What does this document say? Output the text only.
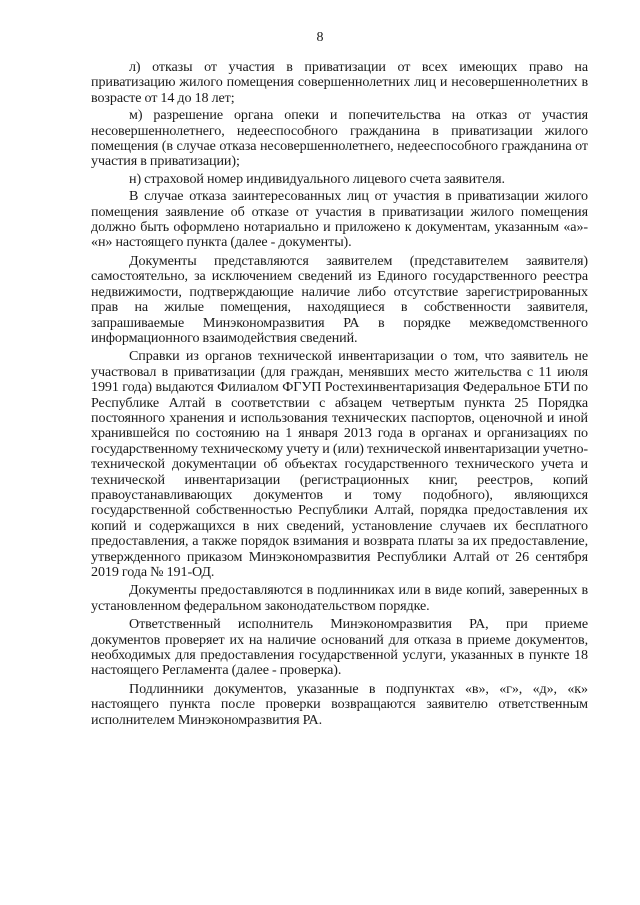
8

л) отказы от участия в приватизации от всех имеющих право на приватизацию жилого помещения совершеннолетних лиц и несовершеннолетних в возрасте от 14 до 18 лет;

м) разрешение органа опеки и попечительства на отказ от участия несовершеннолетнего, недееспособного гражданина в приватизации жилого помещения (в случае отказа несовершеннолетнего, недееспособного гражданина от участия в приватизации);

н) страховой номер индивидуального лицевого счета заявителя.

В случае отказа заинтересованных лиц от участия в приватизации жилого помещения заявление об отказе от участия в приватизации жилого помещения должно быть оформлено нотариально и приложено к документам, указанным «а»- «н» настоящего пункта (далее - документы).

Документы представляются заявителем (представителем заявителя) самостоятельно, за исключением сведений из Единого государственного реестра недвижимости, подтверждающие наличие либо отсутствие зарегистрированных прав на жилые помещения, находящиеся в собственности заявителя, запрашиваемые Минэкономразвития РА в порядке межведомственного информационного взаимодействия сведений.

Справки из органов технической инвентаризации о том, что заявитель не участвовал в приватизации (для граждан, менявших место жительства с 11 июля 1991 года) выдаются Филиалом ФГУП Ростехинвентаризация Федеральное БТИ по Республике Алтай в соответствии с абзацем четвертым пункта 25 Порядка постоянного хранения и использования технических паспортов, оценочной и иной хранившейся по состоянию на 1 января 2013 года в органах и организациях по государственному техническому учету и (или) технической инвентаризации учетно-технической документации об объектах государственного технического учета и технической инвентаризации (регистрационных книг, реестров, копий правоустанавливающих документов и тому подобного), являющихся государственной собственностью Республики Алтай, порядка предоставления их копий и содержащихся в них сведений, установление случаев их бесплатного предоставления, а также порядок взимания и возврата платы за их предоставление, утвержденного приказом Минэкономразвития Республики Алтай от 26 сентября 2019 года № 191-ОД.

Документы предоставляются в подлинниках или в виде копий, заверенных в установленном федеральном законодательством порядке.

Ответственный исполнитель Минэкономразвития РА, при приеме документов проверяет их на наличие оснований для отказа в приеме документов, необходимых для предоставления государственной услуги, указанных в пункте 18 настоящего Регламента (далее - проверка).

Подлинники документов, указанные в подпунктах «в», «г», «д», «к» настоящего пункта после проверки возвращаются заявителю ответственным исполнителем Минэкономразвития РА.
